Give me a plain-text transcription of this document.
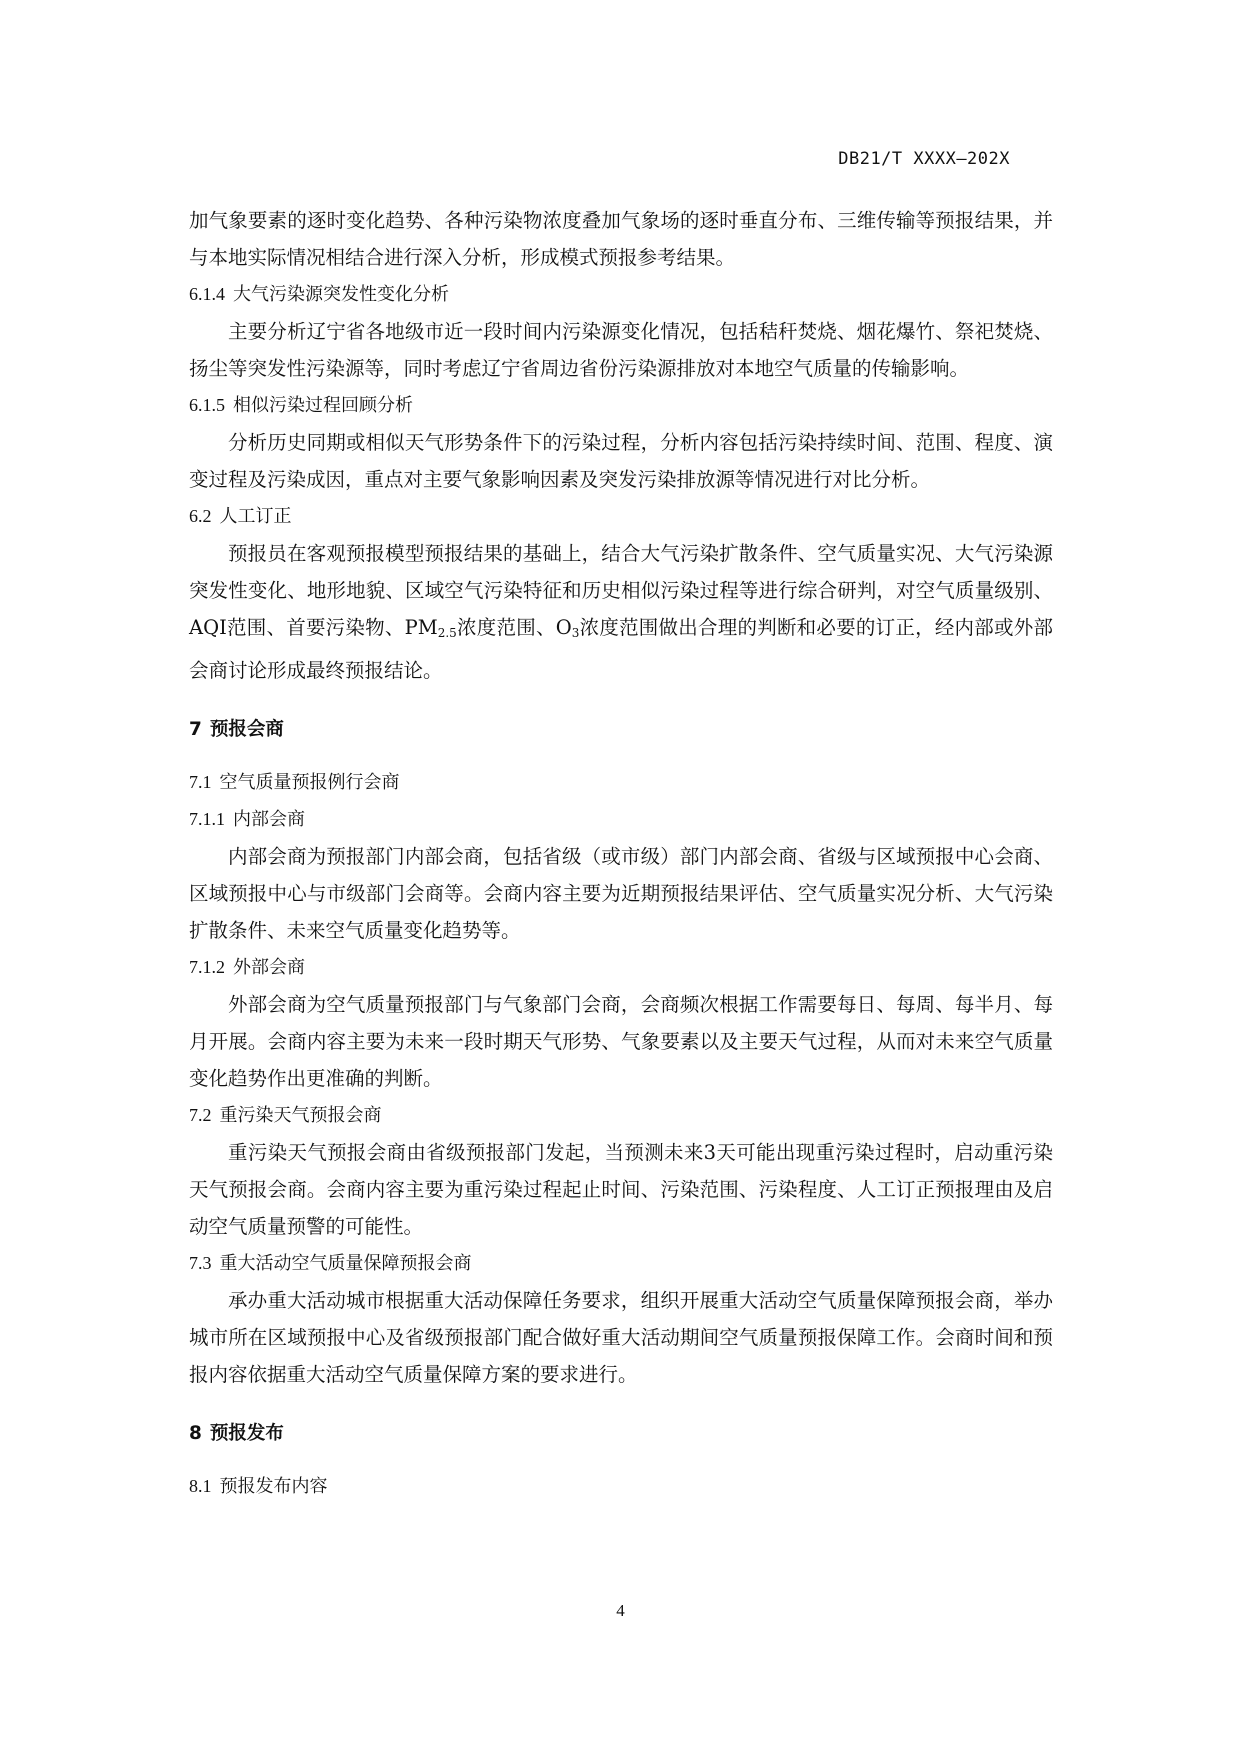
DB21/T XXXX—202X

加气象要素的逐时变化趋势、各种污染物浓度叠加气象场的逐时垂直分布、三维传输等预报结果，并与本地实际情况相结合进行深入分析，形成模式预报参考结果。

6.1.4 大气污染源突发性变化分析

主要分析辽宁省各地级市近一段时间内污染源变化情况，包括秸秆焚烧、烟花爆竹、祭祀焚烧、扬尘等突发性污染源等，同时考虑辽宁省周边省份污染源排放对本地空气质量的传输影响。

6.1.5 相似污染过程回顾分析

分析历史同期或相似天气形势条件下的污染过程，分析内容包括污染持续时间、范围、程度、演变过程及污染成因，重点对主要气象影响因素及突发污染排放源等情况进行对比分析。

6.2 人工订正

预报员在客观预报模型预报结果的基础上，结合大气污染扩散条件、空气质量实况、大气污染源突发性变化、地形地貌、区域空气污染特征和历史相似污染过程等进行综合研判，对空气质量级别、AQI范围、首要污染物、$PM_{2.5}$浓度范围、$O_3$浓度范围做出合理的判断和必要的订正，经内部或外部会商讨论形成最终预报结论。

7 预报会商

7.1 空气质量预报例行会商

7.1.1 内部会商

内部会商为预报部门内部会商，包括省级（或市级）部门内部会商、省级与区域预报中心会商、区域预报中心与市级部门会商等。会商内容主要为近期预报结果评估、空气质量实况分析、大气污染扩散条件、未来空气质量变化趋势等。

7.1.2 外部会商

外部会商为空气质量预报部门与气象部门会商，会商频次根据工作需要每日、每周、每半月、每月开展。会商内容主要为未来一段时期天气形势、气象要素以及主要天气过程，从而对未来空气质量变化趋势作出更准确的判断。

7.2 重污染天气预报会商

重污染天气预报会商由省级预报部门发起，当预测未来3天可能出现重污染过程时，启动重污染天气预报会商。会商内容主要为重污染过程起止时间、污染范围、污染程度、人工订正预报理由及启动空气质量预警的可能性。

7.3 重大活动空气质量保障预报会商

承办重大活动城市根据重大活动保障任务要求，组织开展重大活动空气质量保障预报会商，举办城市所在区域预报中心及省级预报部门配合做好重大活动期间空气质量预报保障工作。会商时间和预报内容依据重大活动空气质量保障方案的要求进行。

8 预报发布

8.1 预报发布内容

4
